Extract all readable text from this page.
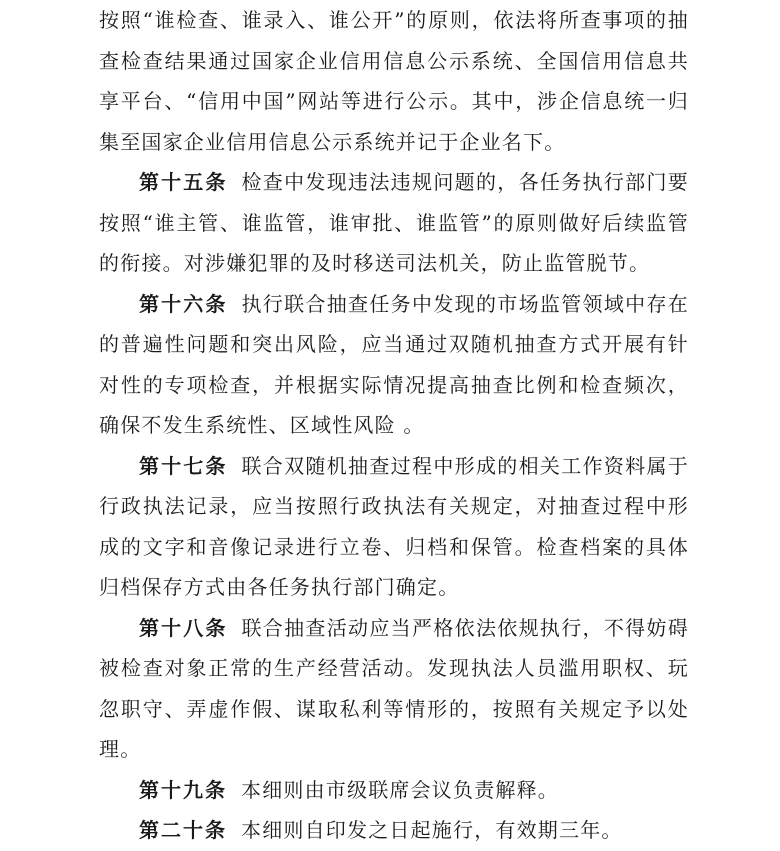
按照“谁检查、谁录入、谁公开”的原则，依法将所查事项的抽查检查结果通过国家企业信用信息公示系统、全国信用信息共享平台、“信用中国”网站等进行公示。其中，涉企信息统一归集至国家企业信用信息公示系统并记于企业名下。

第十五条 检查中发现违法违规问题的，各任务执行部门要按照“谁主管、谁监管，谁审批、谁监管”的原则做好后续监管的衔接。对涉嫌犯罪的及时移送司法机关，防止监管脱节。

第十六条 执行联合抽查任务中发现的市场监管领域中存在的普遍性问题和突出风险，应当通过双随机抽查方式开展有针对性的专项检查，并根据实际情况提高抽查比例和检查频次，确保不发生系统性、区域性风险 。

第十七条 联合双随机抽查过程中形成的相关工作资料属于行政执法记录，应当按照行政执法有关规定，对抽查过程中形成的文字和音像记录进行立卷、归档和保管。检查档案的具体归档保存方式由各任务执行部门确定。

第十八条 联合抽查活动应当严格依法依规执行，不得妨碍被检查对象正常的生产经营活动。发现执法人员滥用职权、玩忽职守、弄虚作假、谋取私利等情形的，按照有关规定予以处理。

第十九条 本细则由市级联席会议负责解释。

第二十条 本细则自印发之日起施行，有效期三年。
